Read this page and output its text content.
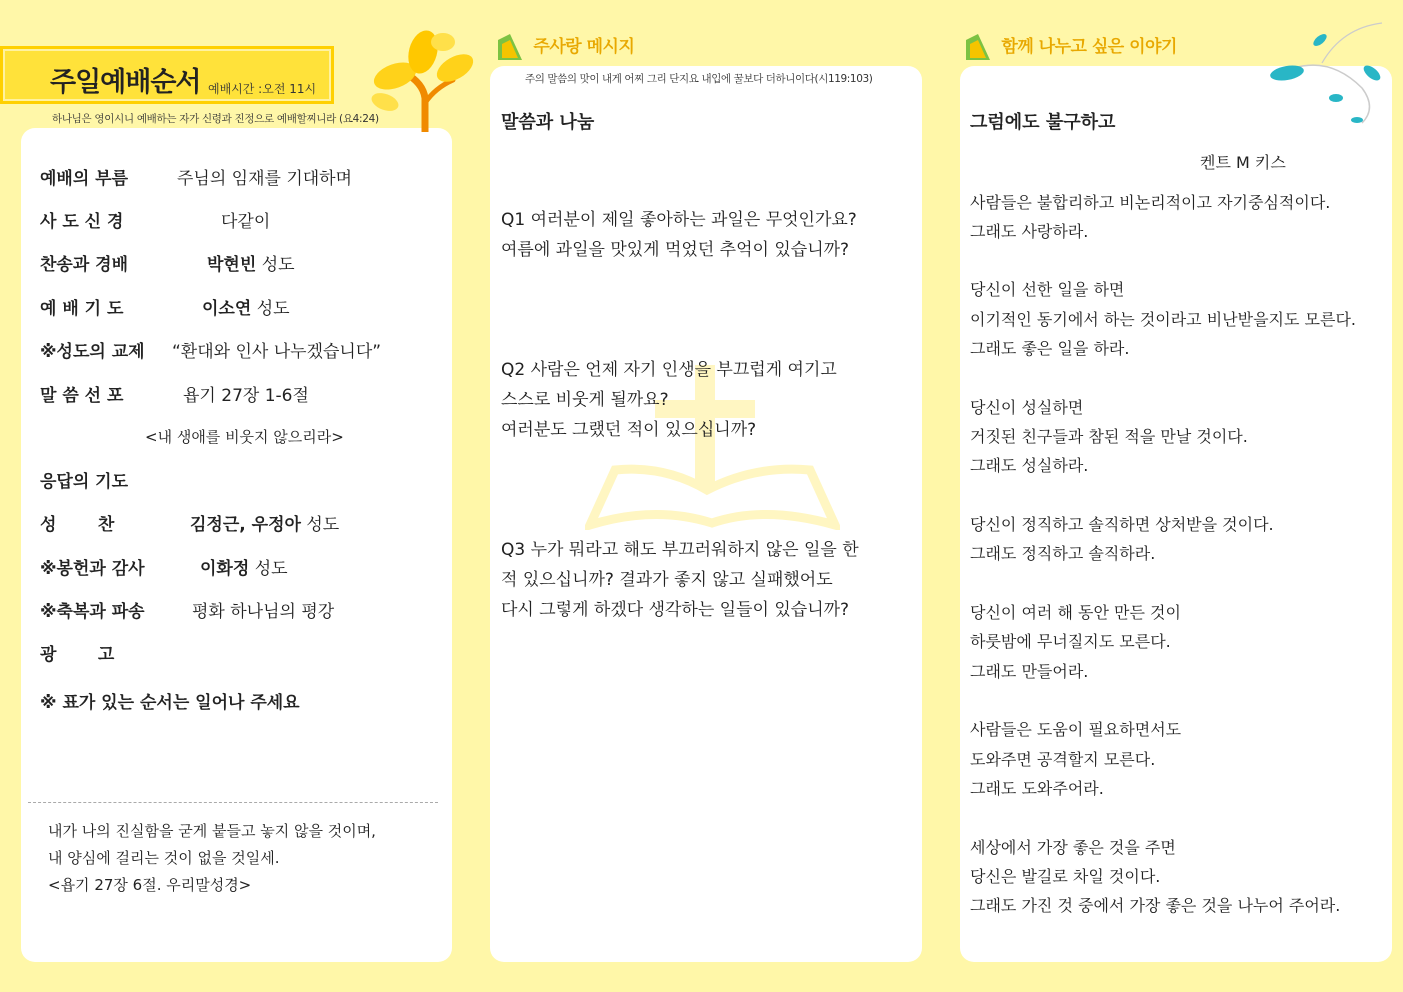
주일예배순서 예배시간 :오전 11시
하나님은 영이시니 예배하는 자가 신령과 진정으로 예배할찌니라 (요4:24)
주사랑 메시지
주의 말씀의 맛이 내게 어찌 그리 단지요 내입에 꿀보다 더하니이다(시119:103)
함께 나누고 싶은 이야기
예배의 부름	주님의 임재를 기대하며
사 도 신 경	다같이
찬송과 경배	박현빈 성도
예 배 기 도	이소연 성도
※성도의 교제 “환대와 인사 나누겠습니다”
말 씀 선 포	욥기 27장 1-6절
<내 생애를 비웃지 않으리라>
응답의 기도
성       찬	김정근, 우정아 성도
※봉헌과 감사	이화정 성도
※축복과 파송	평화 하나님의 평강
광       고
※ 표가 있는 순서는 일어나 주세요
내가 나의 진실함을 굳게 붙들고 놓지 않을 것이며,
내 양심에 걸리는 것이 없을 것일세.
<욥기 27장 6절. 우리말성경>
말씀과 나눔
Q1 여러분이 제일 좋아하는 과일은 무엇인가요?
여름에 과일을 맛있게 먹었던 추억이 있습니까?
Q2 사람은 언제 자기 인생을 부끄럽게 여기고
스스로 비웃게 될까요?
여러분도 그랬던 적이 있으십니까?
Q3 누가 뭐라고 해도 부끄러워하지 않은 일을 한
적 있으십니까? 결과가 좋지 않고 실패했어도
다시 그렇게 하겠다 생각하는 일들이 있습니까?
그럼에도 불구하고
켄트 M 키스
사람들은 불합리하고 비논리적이고 자기중심적이다.
그래도 사랑하라.
당신이 선한 일을 하면
이기적인 동기에서 하는 것이라고 비난받을지도 모른다.
그래도 좋은 일을 하라.
당신이 성실하면
거짓된 친구들과 참된 적을 만날 것이다.
그래도 성실하라.
당신이 정직하고 솔직하면 상처받을 것이다.
그래도 정직하고 솔직하라.
당신이 여러 해 동안 만든 것이
하룻밤에 무너질지도 모른다.
그래도 만들어라.
사람들은 도움이 필요하면서도
도와주면 공격할지 모른다.
그래도 도와주어라.
세상에서 가장 좋은 것을 주면
당신은 발길로 차일 것이다.
그래도 가진 것 중에서 가장 좋은 것을 나누어 주어라.
